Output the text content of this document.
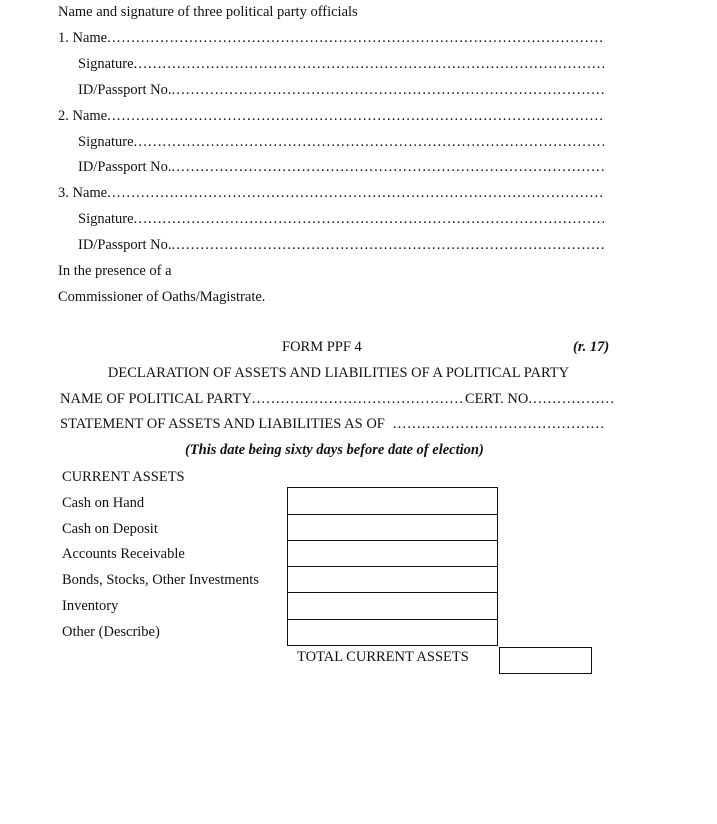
Name and signature of three political party officials
1. Name
.....
Signature
.....
ID/Passport No.
.....
2. Name
.....
Signature
.....
ID/Passport No.
.....
3. Name
.....
Signature
.....
ID/Passport No.
.....
In the presence of a
Commissioner of Oaths/Magistrate.
FORM PPF 4	(r. 17)
DECLARATION OF ASSETS AND LIABILITIES OF A POLITICAL PARTY
NAME OF POLITICAL PARTY
.....	CERT. NO
.....
STATEMENT OF ASSETS AND LIABILITIES AS OF
.....
(This date being sixty days before date of election)
CURRENT ASSETS
Cash on Hand
Cash on Deposit
Accounts Receivable
Bonds, Stocks, Other Investments
Inventory
Other (Describe)
TOTAL CURRENT ASSETS
